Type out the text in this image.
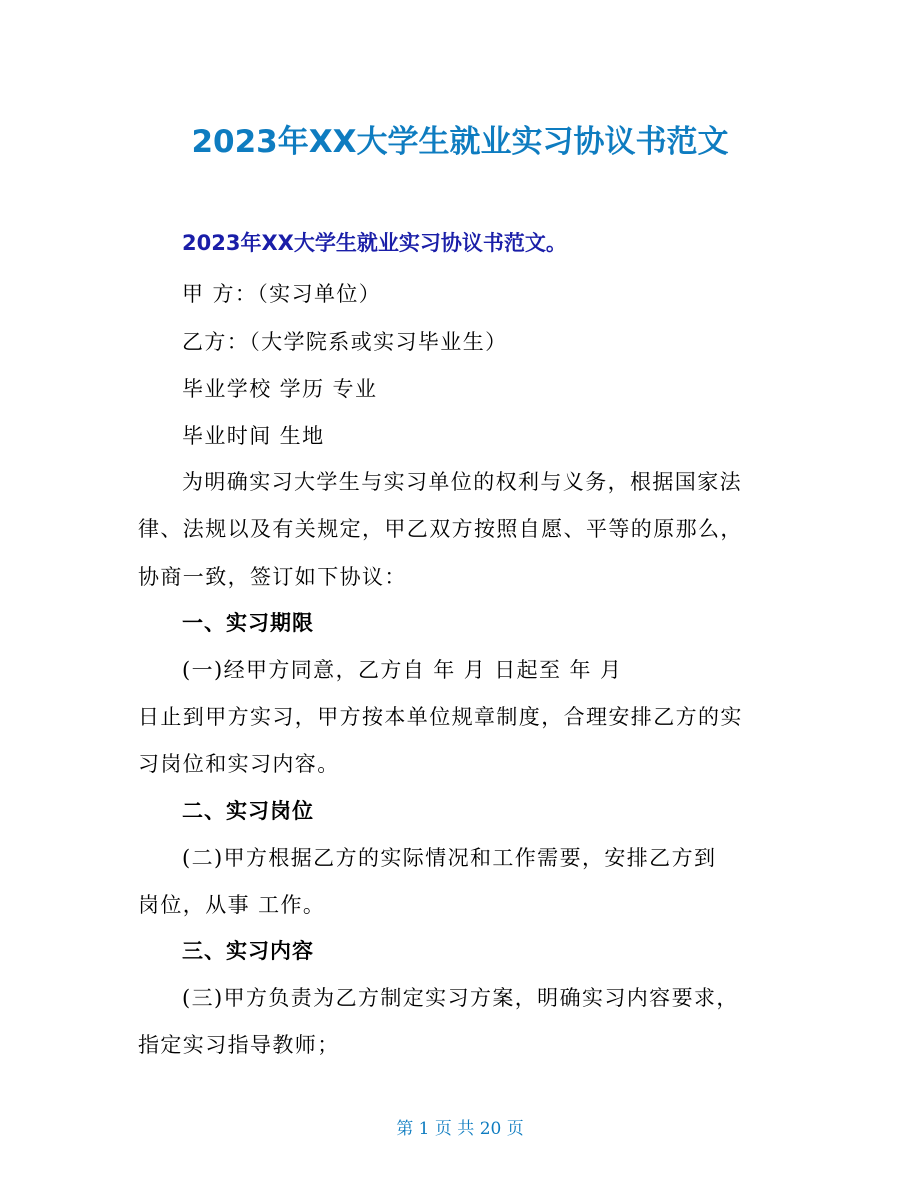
2023年XX大学生就业实习协议书范文
2023年XX大学生就业实习协议书范文。
甲 方：（实习单位）
乙方：（大学院系或实习毕业生）
毕业学校 学历 专业
毕业时间 生地
为明确实习大学生与实习单位的权利与义务，根据国家法
律、法规以及有关规定，甲乙双方按照自愿、平等的原那么，
协商一致，签订如下协议：
一、实习期限
(一)经甲方同意，乙方自 年 月 日起至 年 月
日止到甲方实习，甲方按本单位规章制度，合理安排乙方的实
习岗位和实习内容。
二、实习岗位
(二)甲方根据乙方的实际情况和工作需要，安排乙方到
岗位，从事 工作。
三、实习内容
(三)甲方负责为乙方制定实习方案，明确实习内容要求，
指定实习指导教师；
第 1 页 共 20 页
